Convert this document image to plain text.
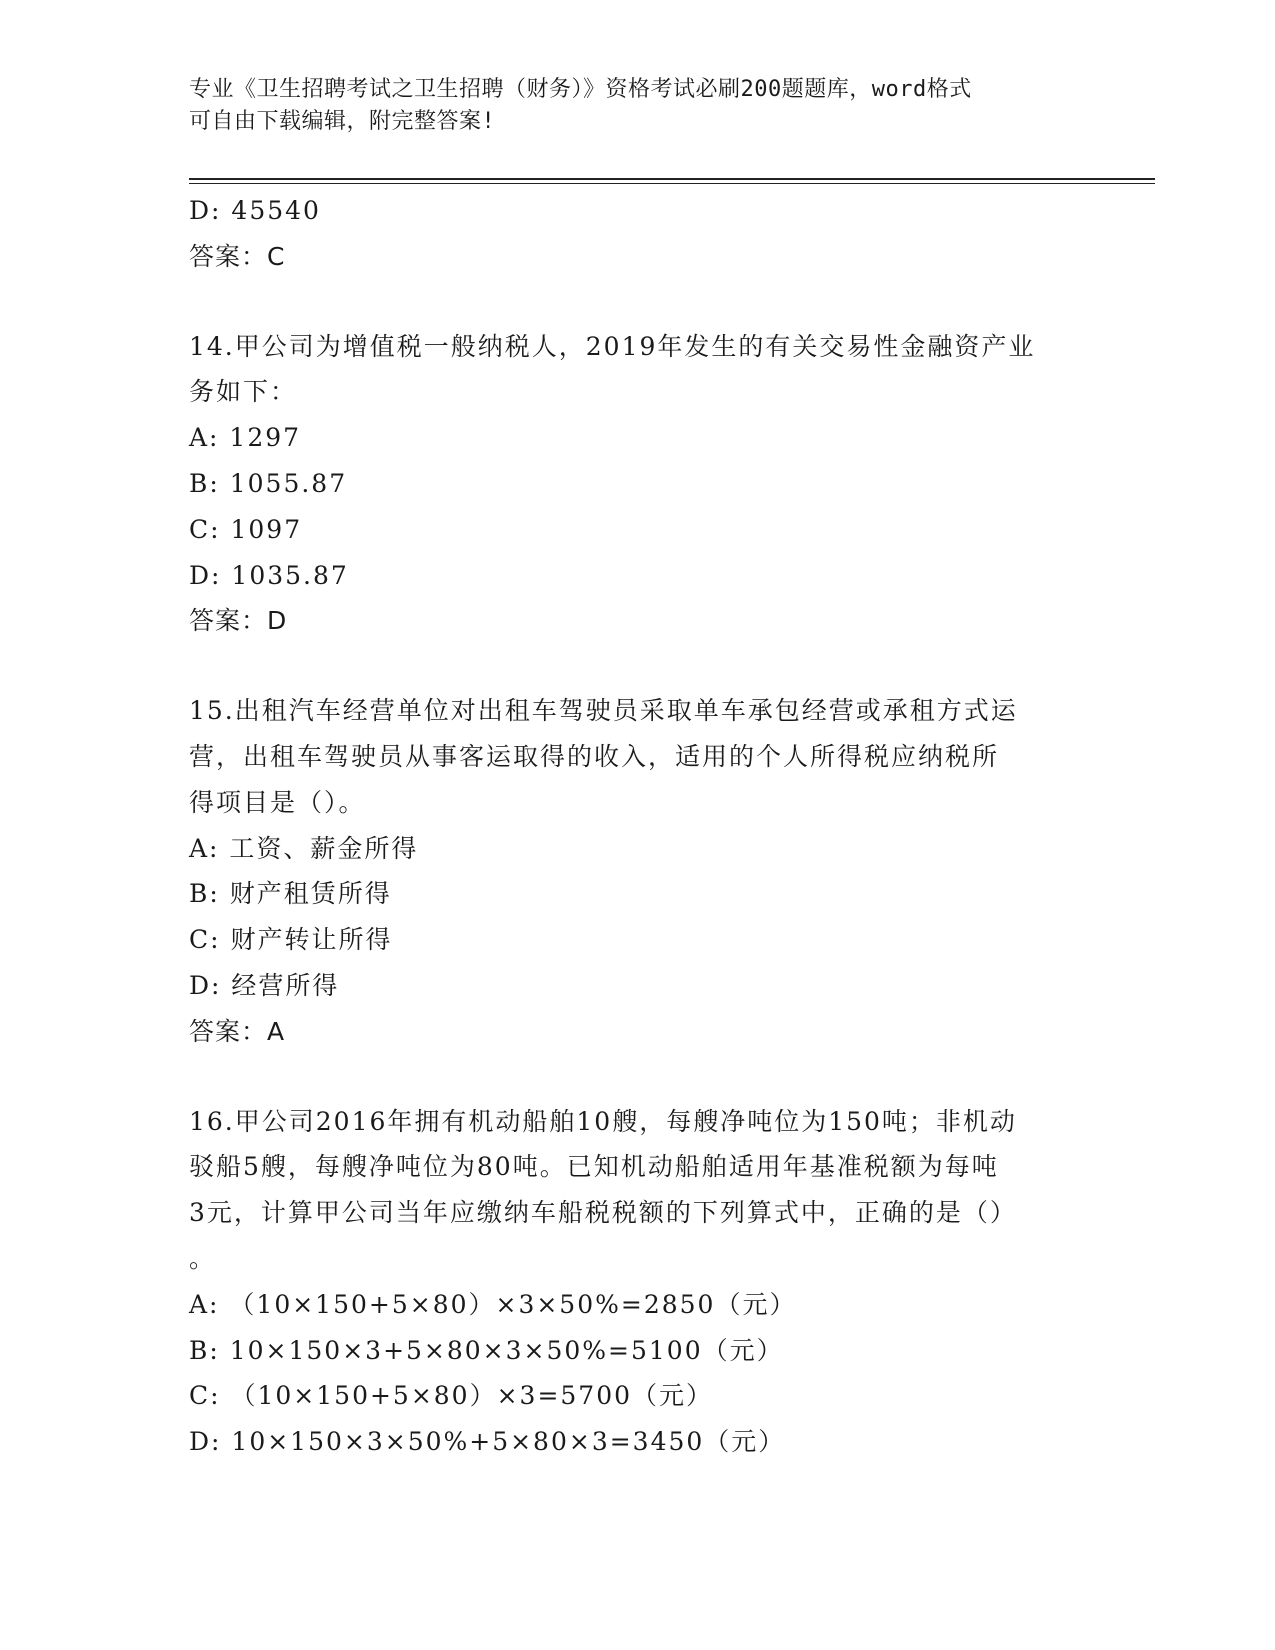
专业《卫生招聘考试之卫生招聘（财务）》资格考试必刷200题题库，word格式
可自由下载编辑，附完整答案!
D: 45540
答案：C
14.甲公司为增值税一般纳税人，2019年发生的有关交易性金融资产业
务如下：
A: 1297
B: 1055.87
C: 1097
D: 1035.87
答案：D
15.出租汽车经营单位对出租车驾驶员采取单车承包经营或承租方式运
营，出租车驾驶员从事客运取得的收入，适用的个人所得税应纳税所
得项目是（）。
A: 工资、薪金所得
B: 财产租赁所得
C: 财产转让所得
D: 经营所得
答案：A
16.甲公司2016年拥有机动船舶10艘，每艘净吨位为150吨；非机动
驳船5艘，每艘净吨位为80吨。已知机动船舶适用年基准税额为每吨
3元，计算甲公司当年应缴纳车船税税额的下列算式中，正确的是（）
。
A: （10×150+5×80）×3×50%=2850（元）
B: 10×150×3+5×80×3×50%=5100（元）
C: （10×150+5×80）×3=5700（元）
D: 10×150×3×50%+5×80×3=3450（元）
